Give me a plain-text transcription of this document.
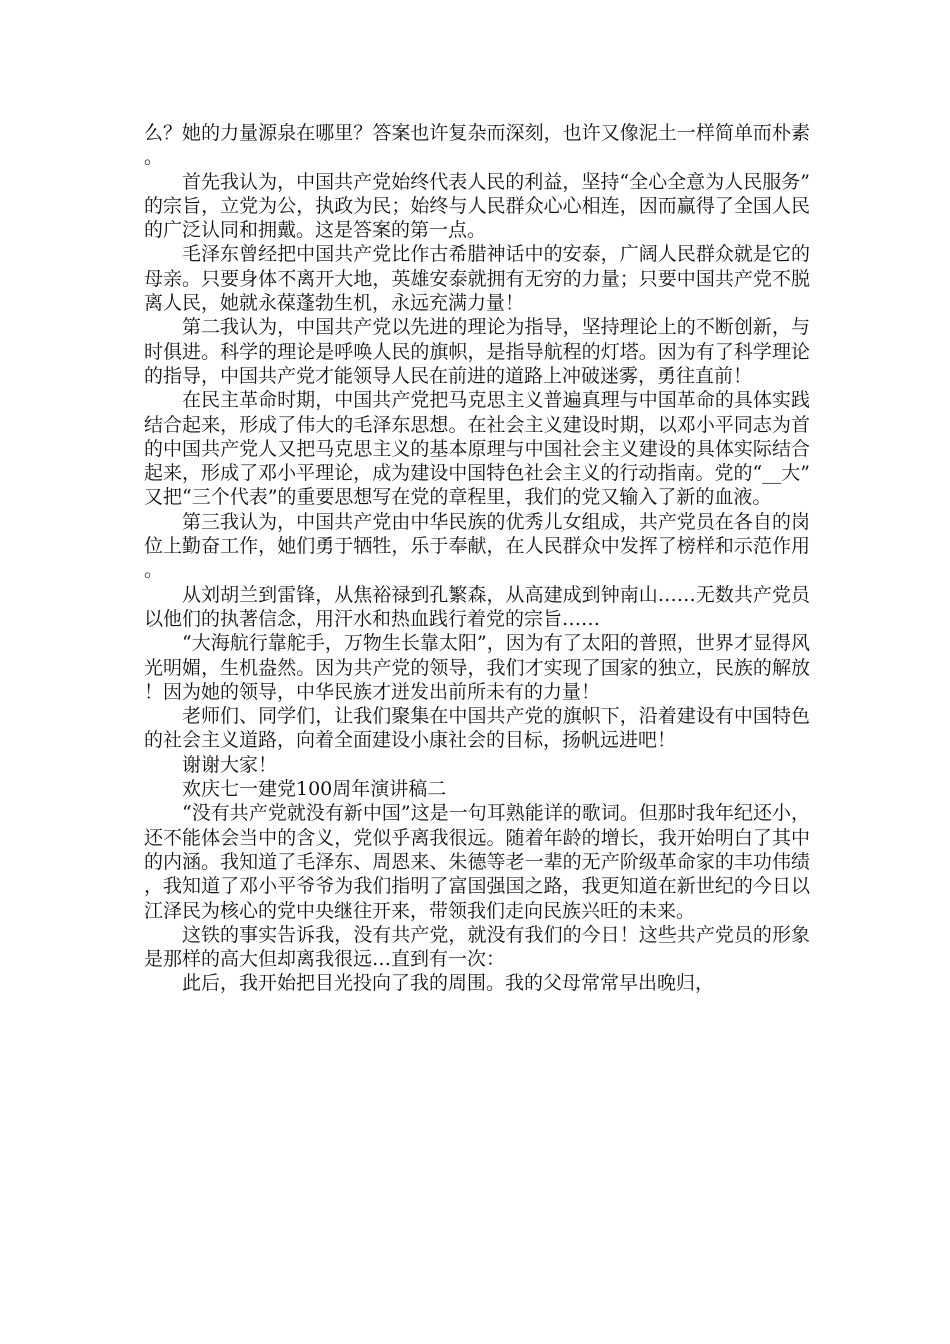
么？她的力量源泉在哪里？答案也许复杂而深刻，也许又像泥土一样简单而朴素。

首先我认为，中国共产党始终代表人民的利益，坚持“全心全意为人民服务”的宗旨，立党为公，执政为民；始终与人民群众心心相连，因而赢得了全国人民的广泛认同和拥戴。这是答案的第一点。

毛泽东曾经把中国共产党比作古希腊神话中的安泰，广阔人民群众就是它的母亲。只要身体不离开大地，英雄安泰就拥有无穷的力量；只要中国共产党不脱离人民，她就永葆蓬勃生机，永远充满力量！

第二我认为，中国共产党以先进的理论为指导，坚持理论上的不断创新，与时俱进。科学的理论是呼唤人民的旗帜，是指导航程的灯塔。因为有了科学理论的指导，中国共产党才能领导人民在前进的道路上冲破迷雾，勇往直前！

在民主革命时期，中国共产党把马克思主义普遍真理与中国革命的具体实践结合起来，形成了伟大的毛泽东思想。在社会主义建设时期，以邓小平同志为首的中国共产党人又把马克思主义的基本原理与中国社会主义建设的具体实际结合起来，形成了邓小平理论，成为建设中国特色社会主义的行动指南。党的“__大”又把“三个代表”的重要思想写在党的章程里，我们的党又输入了新的血液。

第三我认为，中国共产党由中华民族的优秀儿女组成，共产党员在各自的岗位上勤奋工作，她们勇于牺牲，乐于奉献，在人民群众中发挥了榜样和示范作用。

从刘胡兰到雷锋，从焦裕禄到孔繁森，从高建成到钟南山……无数共产党员以他们的执著信念，用汗水和热血践行着党的宗旨……

“大海航行靠舵手，万物生长靠太阳”，因为有了太阳的普照，世界才显得风光明媚，生机盎然。因为共产党的领导，我们才实现了国家的独立，民族的解放！因为她的领导，中华民族才迸发出前所未有的力量！

老师们、同学们，让我们聚集在中国共产党的旗帜下，沿着建设有中国特色的社会主义道路，向着全面建设小康社会的目标，扬帆远进吧！

谢谢大家！

欢庆七一建党100周年演讲稿二

“没有共产党就没有新中国”这是一句耳熟能详的歌词。但那时我年纪还小，还不能体会当中的含义，党似乎离我很远。随着年龄的增长，我开始明白了其中的内涵。我知道了毛泽东、周恩来、朱德等老一辈的无产阶级革命家的丰功伟绩，我知道了邓小平爷爷为我们指明了富国强国之路，我更知道在新世纪的今日以江泽民为核心的党中央继往开来，带领我们走向民族兴旺的未来。

这铁的事实告诉我，没有共产党，就没有我们的今日！这些共产党员的形象是那样的高大但却离我很远…直到有一次：

此后，我开始把目光投向了我的周围。我的父母常常早出晚归，
